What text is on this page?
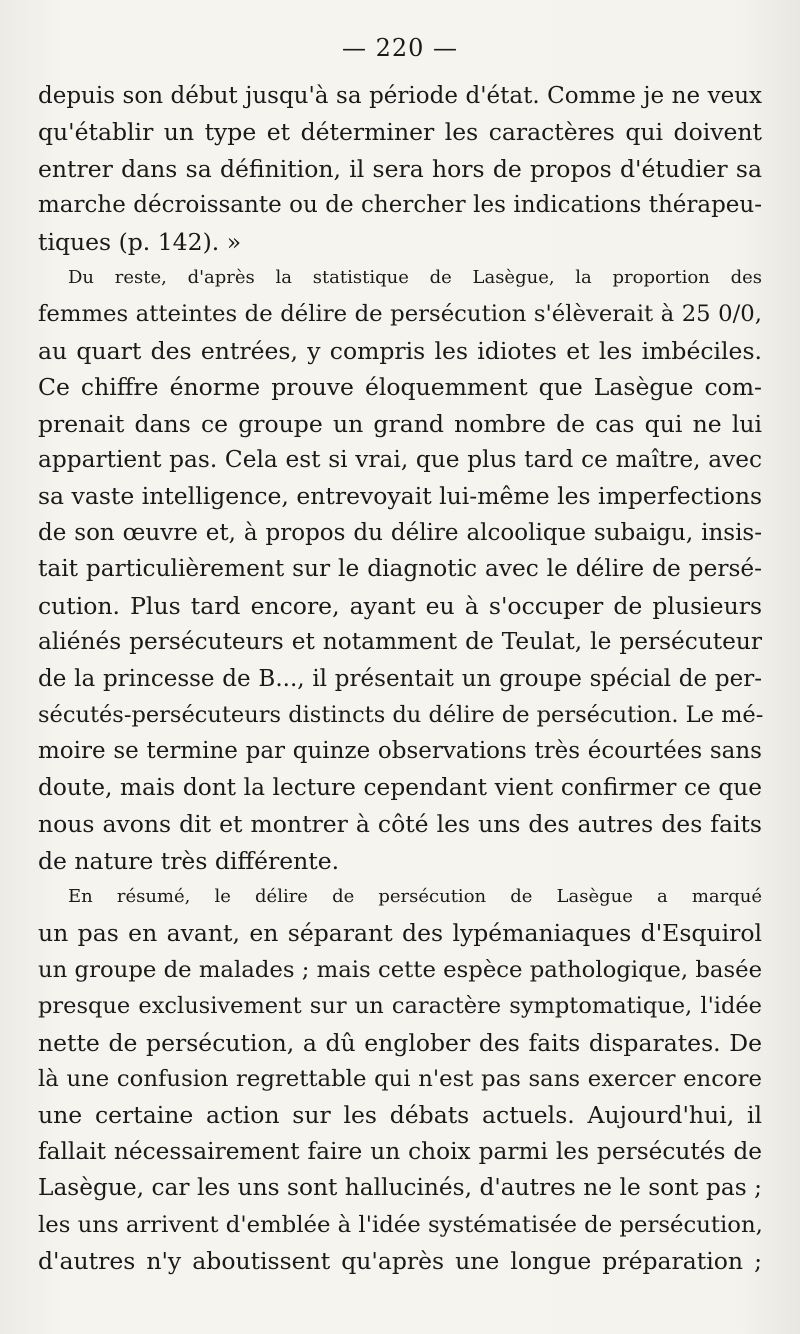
— 220 —

depuis son début jusqu'à sa période d'état. Comme je ne veux
qu'établir un type et déterminer les caractères qui doivent
entrer dans sa définition, il sera hors de propos d'étudier sa
marche décroissante ou de chercher les indications thérapeu-
tiques (p. 142). »

Du reste, d'après la statistique de Lasègue, la proportion des
femmes atteintes de délire de persécution s'élèverait à 25 0/0,
au quart des entrées, y compris les idiotes et les imbéciles.
Ce chiffre énorme prouve éloquemment que Lasègue com-
prenait dans ce groupe un grand nombre de cas qui ne lui
appartient pas. Cela est si vrai, que plus tard ce maître, avec
sa vaste intelligence, entrevoyait lui-même les imperfections
de son œuvre et, à propos du délire alcoolique subaigu, insis-
tait particulièrement sur le diagnotic avec le délire de persé-
cution. Plus tard encore, ayant eu à s'occuper de plusieurs
aliénés persécuteurs et notamment de Teulat, le persécuteur
de la princesse de B..., il présentait un groupe spécial de per-
sécutés-persécuteurs distincts du délire de persécution. Le mé-
moire se termine par quinze observations très écourtées sans
doute, mais dont la lecture cependant vient confirmer ce que
nous avons dit et montrer à côté les uns des autres des faits
de nature très différente.

En résumé, le délire de persécution de Lasègue a marqué
un pas en avant, en séparant des lypémaniaques d'Esquirol
un groupe de malades ; mais cette espèce pathologique, basée
presque exclusivement sur un caractère symptomatique, l'idée
nette de persécution, a dû englober des faits disparates. De
là une confusion regrettable qui n'est pas sans exercer encore
une certaine action sur les débats actuels. Aujourd'hui, il
fallait nécessairement faire un choix parmi les persécutés de
Lasègue, car les uns sont hallucinés, d'autres ne le sont pas ;
les uns arrivent d'emblée à l'idée systématisée de persécution,
d'autres n'y aboutissent qu'après une longue préparation ;
